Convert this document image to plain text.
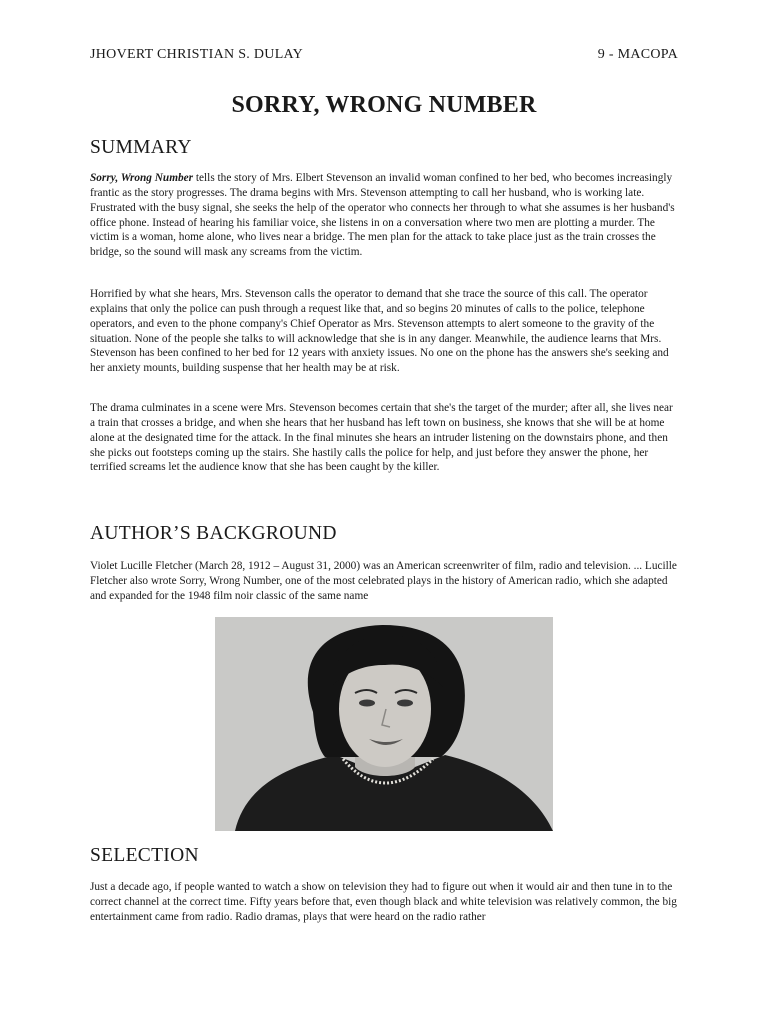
JHOVERT CHRISTIAN S. DULAY	9 - MACOPA
SORRY, WRONG NUMBER
SUMMARY

Sorry, Wrong Number tells the story of Mrs. Elbert Stevenson an invalid woman confined to her bed, who becomes increasingly frantic as the story progresses. The drama begins with Mrs. Stevenson attempting to call her husband, who is working late. Frustrated with the busy signal, she seeks the help of the operator who connects her through to what she assumes is her husband's office phone. Instead of hearing his familiar voice, she listens in on a conversation where two men are plotting a murder. The victim is a woman, home alone, who lives near a bridge. The men plan for the attack to take place just as the train crosses the bridge, so the sound will mask any screams from the victim.

Horrified by what she hears, Mrs. Stevenson calls the operator to demand that she trace the source of this call. The operator explains that only the police can push through a request like that, and so begins 20 minutes of calls to the police, telephone operators, and even to the phone company's Chief Operator as Mrs. Stevenson attempts to alert someone to the gravity of the situation. None of the people she talks to will acknowledge that she is in any danger. Meanwhile, the audience learns that Mrs. Stevenson has been confined to her bed for 12 years with anxiety issues. No one on the phone has the answers she's seeking and her anxiety mounts, building suspense that her health may be at risk.

The drama culminates in a scene were Mrs. Stevenson becomes certain that she's the target of the murder; after all, she lives near a train that crosses a bridge, and when she hears that her husband has left town on business, she knows that she will be at home alone at the designated time for the attack. In the final minutes she hears an intruder listening on the downstairs phone, and then she picks out footsteps coming up the stairs. She hastily calls the police for help, and just before they answer the phone, her terrified screams let the audience know that she has been caught by the killer.

AUTHOR’S BACKGROUND

Violet Lucille Fletcher (March 28, 1912 – August 31, 2000) was an American screenwriter of film, radio and television. ... Lucille Fletcher also wrote Sorry, Wrong Number, one of the most celebrated plays in the history of American radio, which she adapted and expanded for the 1948 film noir classic of the same name

SELECTION

Just a decade ago, if people wanted to watch a show on television they had to figure out when it would air and then tune in to the correct channel at the correct time. Fifty years before that, even though black and white television was relatively common, the big entertainment came from radio. Radio dramas, plays that were heard on the radio rather
